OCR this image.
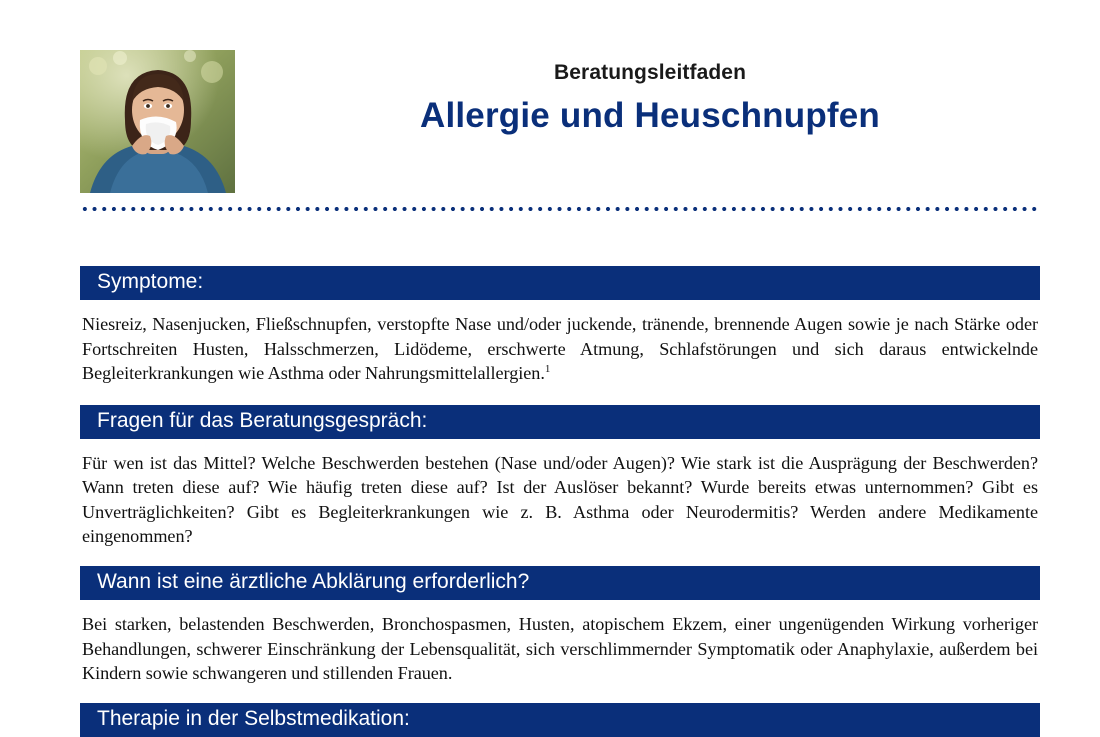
Beratungsleitfaden
Allergie und Heuschnupfen
Symptome:
Niesreiz, Nasenjucken, Fließschnupfen, verstopfte Nase und/oder juckende, tränende, brennende Augen sowie je nach Stärke oder Fortschreiten Husten, Halsschmerzen, Lidödeme, erschwerte Atmung, Schlafstörungen und sich daraus entwickelnde Begleiterkrankungen wie Asthma oder Nahrungsmittelallergien.$^1$
Fragen für das Beratungsgespräch:
Für wen ist das Mittel? Welche Beschwerden bestehen (Nase und/oder Augen)? Wie stark ist die Ausprägung der Beschwerden? Wann treten diese auf? Wie häufig treten diese auf? Ist der Auslöser bekannt? Wurde bereits etwas unternommen? Gibt es Unverträglichkeiten? Gibt es Begleiterkrankungen wie z. B. Asthma oder Neurodermitis? Werden andere Medikamente eingenommen?
Wann ist eine ärztliche Abklärung erforderlich?
Bei starken, belastenden Beschwerden, Bronchospasmen, Husten, atopischem Ekzem, einer ungenügenden Wirkung vorheriger Behandlungen, schwerer Einschränkung der Lebensqualität, sich verschlimmernder Symptomatik oder Anaphylaxie, außerdem bei Kindern sowie schwangeren und stillenden Frauen.
Therapie in der Selbstmedikation:
